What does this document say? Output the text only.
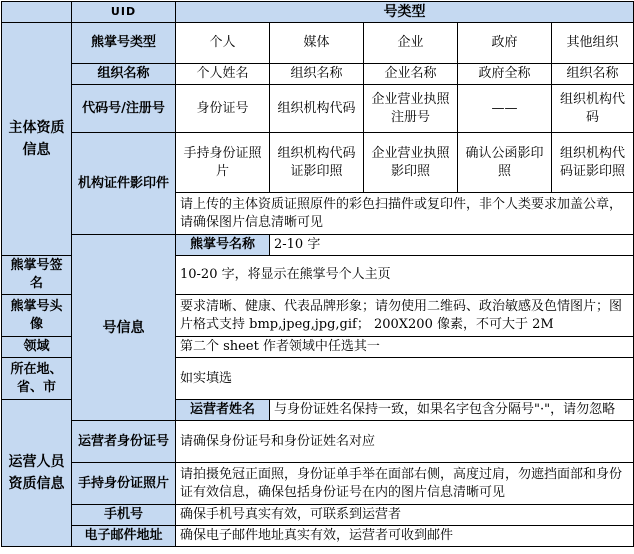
	UID	号类型				
主体资质信息	熊掌号类型	个人	媒体	企业	政府	其他组织
	组织名称	个人姓名	组织名称	企业名称	政府全称	组织名称
	代码号/注册号	身份证号	组织机构代码	企业营业执照注册号	——	组织机构代码
	机构证件影印件	手持身份证照片	组织机构代码证影印照	企业营业执照影印照	确认公函影印照	组织机构代码证影印照
		请上传的主体资质证照原件的彩色扫描件或复印件，非个人类要求加盖公章，请确保图片信息清晰可见				
	号信息	熊掌号名称	2-10 字			
熊掌号签名		10-20 字，将显示在熊掌号个人主页				
熊掌号头像		要求清晰、健康、代表品牌形象；请勿使用二维码、政治敏感及色情图片；图片格式支持 bmp,jpeg,jpg,gif； 200X200 像素，不可大于 2M				
领域		第二个 sheet 作者领域中任选其一				
所在地、省、市		如实填选				
运营人员资质信息		运营者姓名	与身份证姓名保持一致，如果名字包含分隔号"·"，请勿忽略			
	运营者身份证号	请确保身份证号和身份证姓名对应				
	手持身份证照片	请拍摄免冠正面照，身份证单手举在面部右侧，高度过肩，勿遮挡面部和身份证有效信息，确保包括身份证号在内的图片信息清晰可见				
	手机号	确保手机号真实有效，可联系到运营者				
	电子邮件地址	确保电子邮件地址真实有效，运营者可收到邮件				
